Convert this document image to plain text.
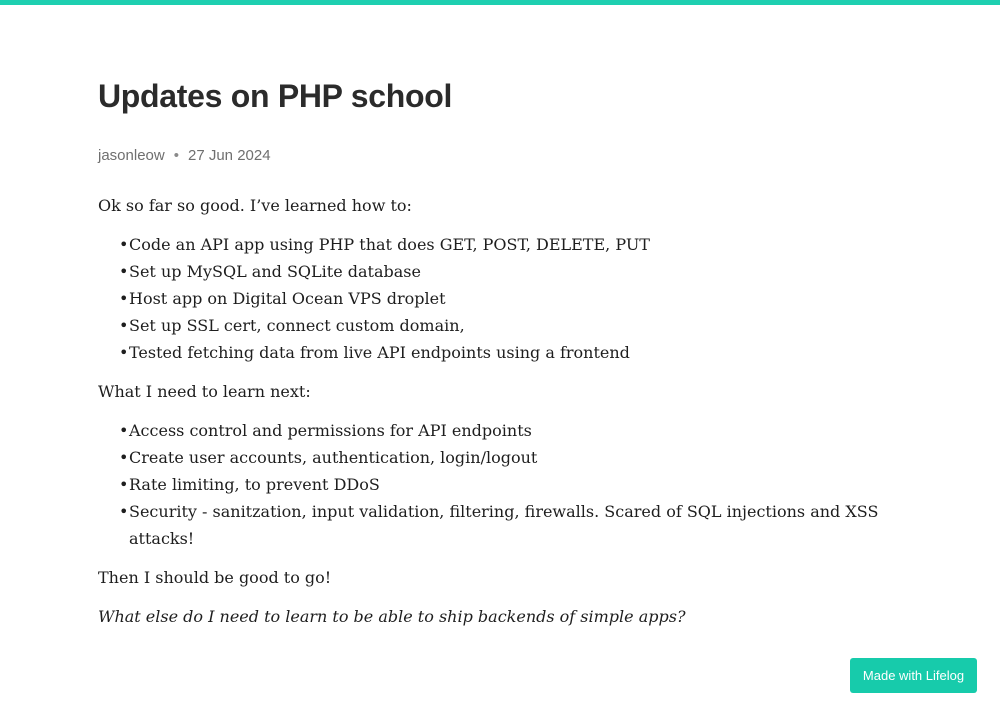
Updates on PHP school
jasonleow • 27 Jun 2024

Ok so far so good. I’ve learned how to:

• Code an API app using PHP that does GET, POST, DELETE, PUT
• Set up MySQL and SQLite database
• Host app on Digital Ocean VPS droplet
• Set up SSL cert, connect custom domain,
• Tested fetching data from live API endpoints using a frontend

What I need to learn next:

• Access control and permissions for API endpoints
• Create user accounts, authentication, login/logout
• Rate limiting, to prevent DDoS
• Security - sanitzation, input validation, filtering, firewalls. Scared of SQL injections and XSS attacks!

Then I should be good to go!

What else do I need to learn to be able to ship backends of simple apps?

Made with Lifelog
